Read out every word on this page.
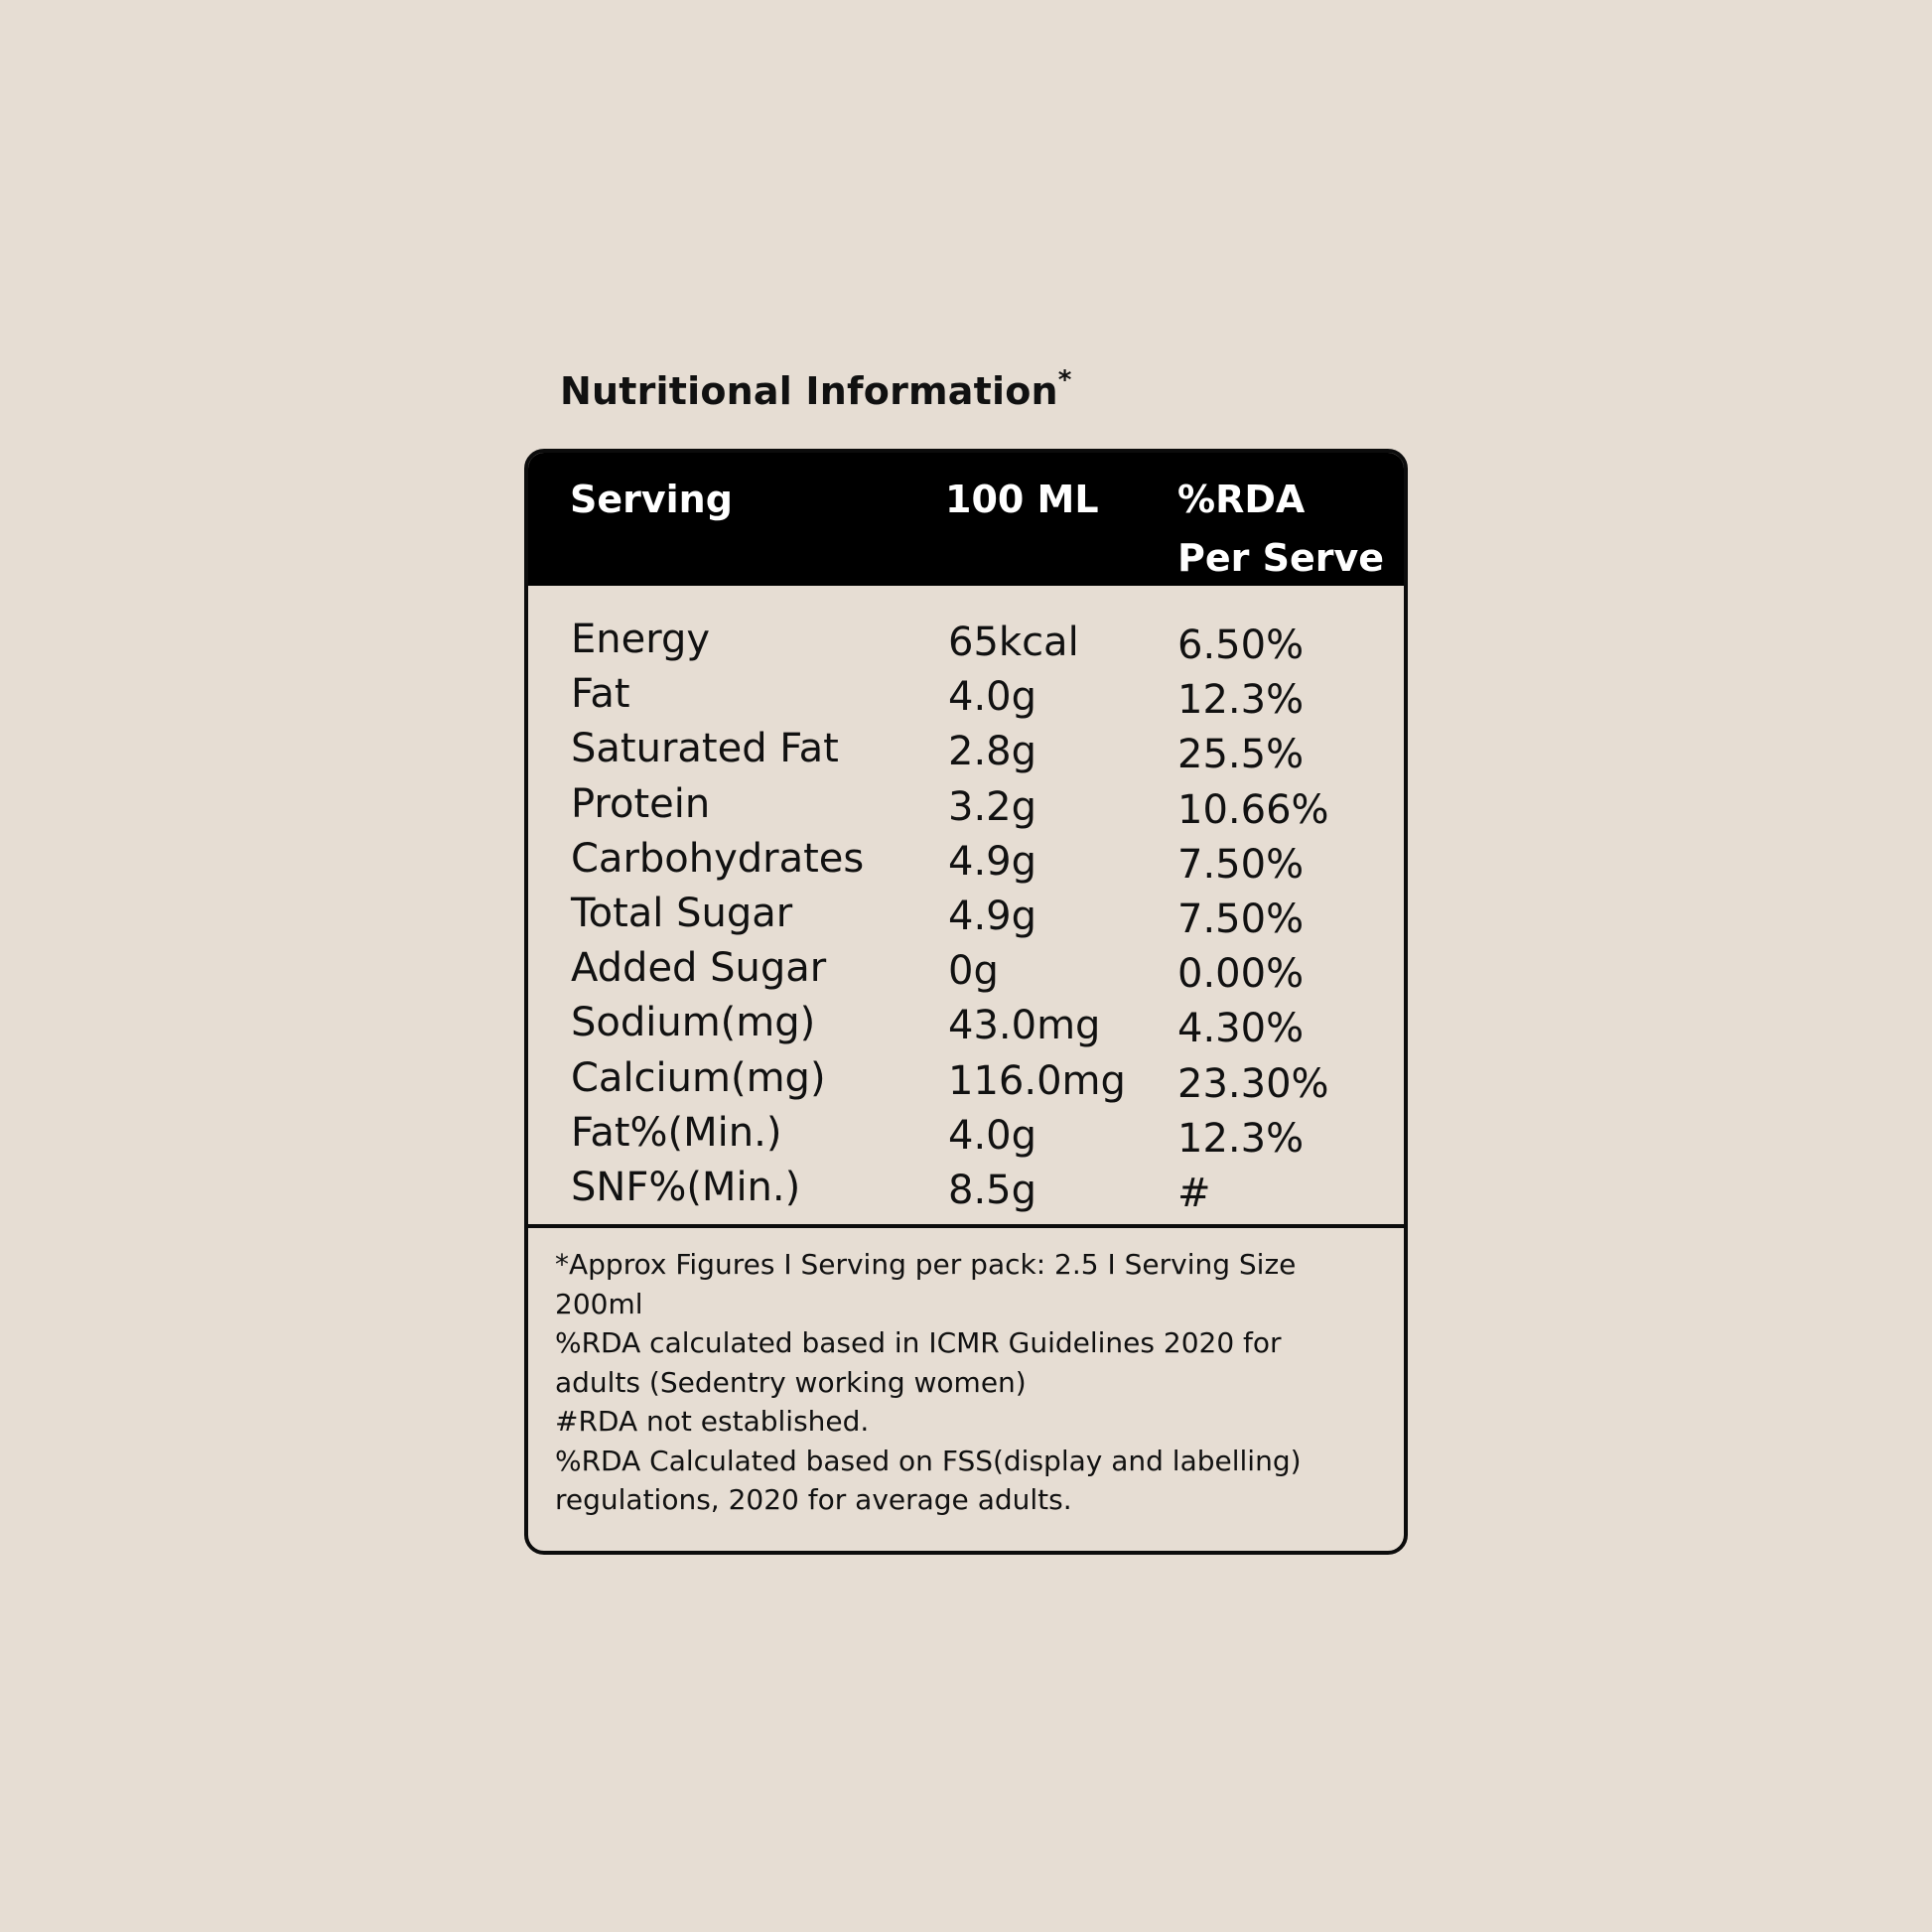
Nutritional Information*
Serving	100 ML %RDA
Per Serve
Energy	65kcal 6.50%
Fat	4.0g	12.3%
Saturated Fat	2.8g	25.5%
Protein	3.2g	10.66%
Carbohydrates 4.9g	7.50%
Total Sugar	4.9g	7.50%
Added Sugar	0g	0.00%
Sodium(mg)	43.0mg 4.30%
Calcium(mg)	116.0mg 23.30%
Fat%(Min.)	4.0g	12.3%
SNF%(Min.)	8.5g	#
*Approx Figures I Serving per pack: 2.5 I Serving Size
200ml
%RDA calculated based in ICMR Guidelines 2020 for
adults (Sedentry working women)
#RDA not established.
%RDA Calculated based on FSS(display and labelling)
regulations, 2020 for average adults.
